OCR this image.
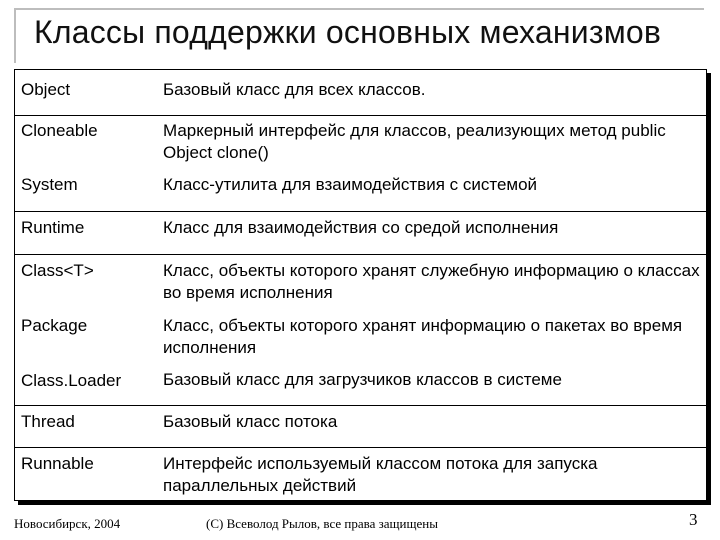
Классы поддержки основных механизмов
Object	Базовый класс для всех классов.
Cloneable	Маркерный интерфейс для классов, реализующих метод public Object clone()
System	Класс-утилита для взаимодействия с системой
Runtime	Класс для взаимодействия со средой исполнения
Class<T>	Класс, объекты которого хранят служебную информацию о классах во время исполнения
Package	Класс, объекты которого хранят информацию о пакетах во время исполнения
Class.Loader Базовый класс для загрузчиков классов в системе
Thread	Базовый класс потока
Runnable	Интерфейс используемый классом потока для запуска параллельных действий
Новосибирск, 2004	(С) Всеволод Рылов, все права защищены	3
